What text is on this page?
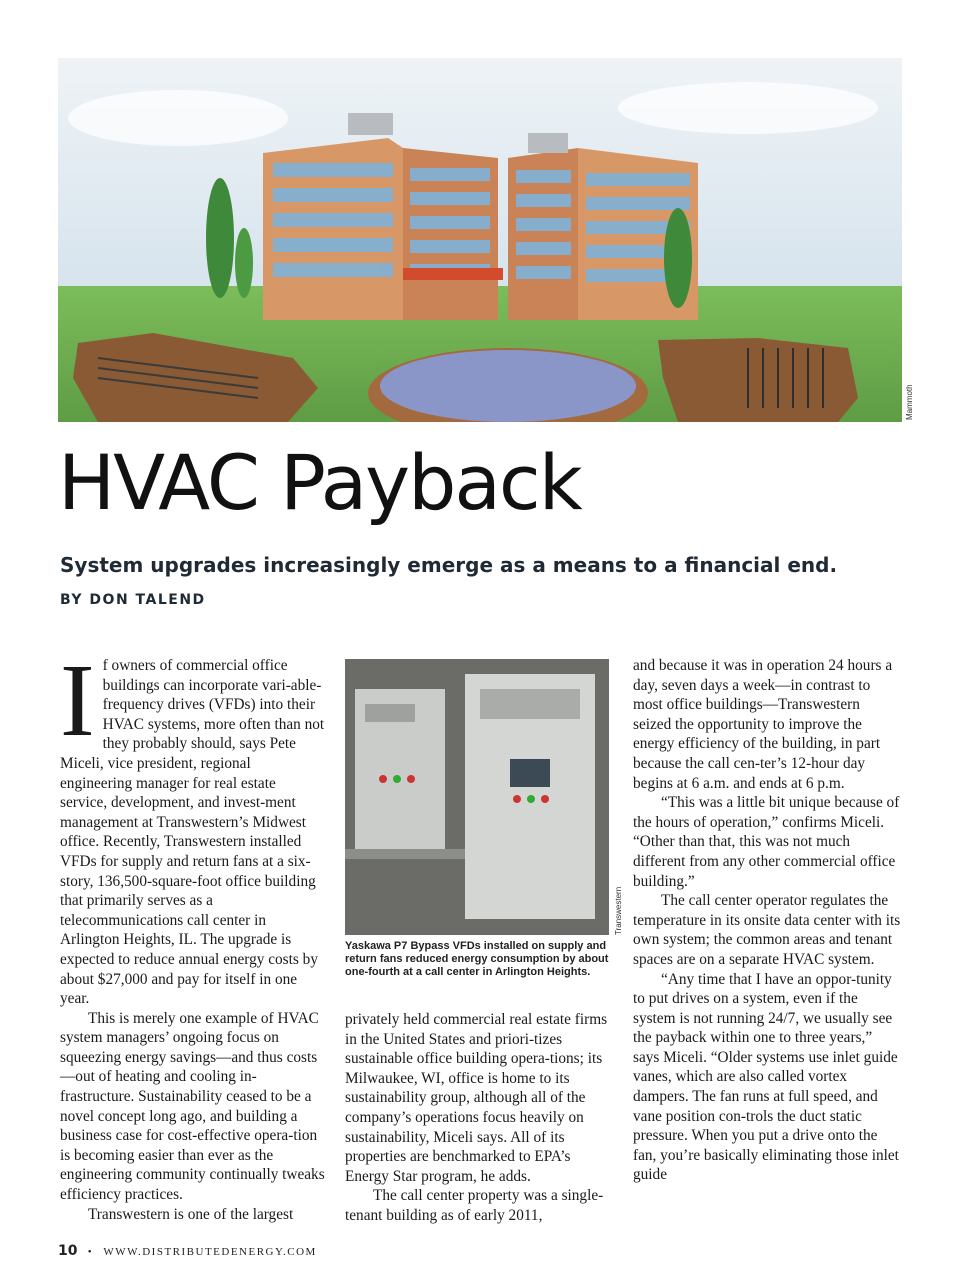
Mammoth
HVAC Payback
System upgrades increasingly emerge as a means to a financial end.
BY DON TALEND

If owners of commercial office buildings can incorporate vari-able-frequency drives (VFDs) into their HVAC systems, more often than not they probably should, says Pete Miceli, vice president, regional engineering manager for real estate service, development, and invest-ment management at Transwestern’s Midwest office. Recently, Transwestern installed VFDs for supply and return fans at a six-story, 136,500-square-foot office building that primarily serves as a telecommunications call center in Arlington Heights, IL. The upgrade is expected to reduce annual energy costs by about $27,000 and pay for itself in one year.

This is merely one example of HVAC system managers’ ongoing focus on squeezing energy savings—and thus costs—out of heating and cooling in-frastructure. Sustainability ceased to be a novel concept long ago, and building a business case for cost-effective opera-tion is becoming easier than ever as the engineering community continually tweaks efficiency practices.

Transwestern is one of the largest

Transwestern
Yaskawa P7 Bypass VFDs installed on supply and return fans reduced energy consumption by about one-fourth at a call center in Arlington Heights.

privately held commercial real estate firms in the United States and priori-tizes sustainable office building opera-tions; its Milwaukee, WI, office is home to its sustainability group, although all of the company’s operations focus heavily on sustainability, Miceli says. All of its properties are benchmarked to EPA’s Energy Star program, he adds.

The call center property was a single-tenant building as of early 2011,

and because it was in operation 24 hours a day, seven days a week—in contrast to most office buildings—Transwestern seized the opportunity to improve the energy efficiency of the building, in part because the call cen-ter’s 12-hour day begins at 6 a.m. and ends at 6 p.m.

“This was a little bit unique because of the hours of operation,” confirms Miceli. “Other than that, this was not much different from any other commercial office building.”

The call center operator regulates the temperature in its onsite data center with its own system; the common areas and tenant spaces are on a separate HVAC system.

“Any time that I have an oppor-tunity to put drives on a system, even if the system is not running 24/7, we usually see the payback within one to three years,” says Miceli. “Older systems use inlet guide vanes, which are also called vortex dampers. The fan runs at full speed, and vane position con-trols the duct static pressure. When you put a drive onto the fan, you’re basically eliminating those inlet guide

10 • WWW.DISTRIBUTEDENERGY.COM
